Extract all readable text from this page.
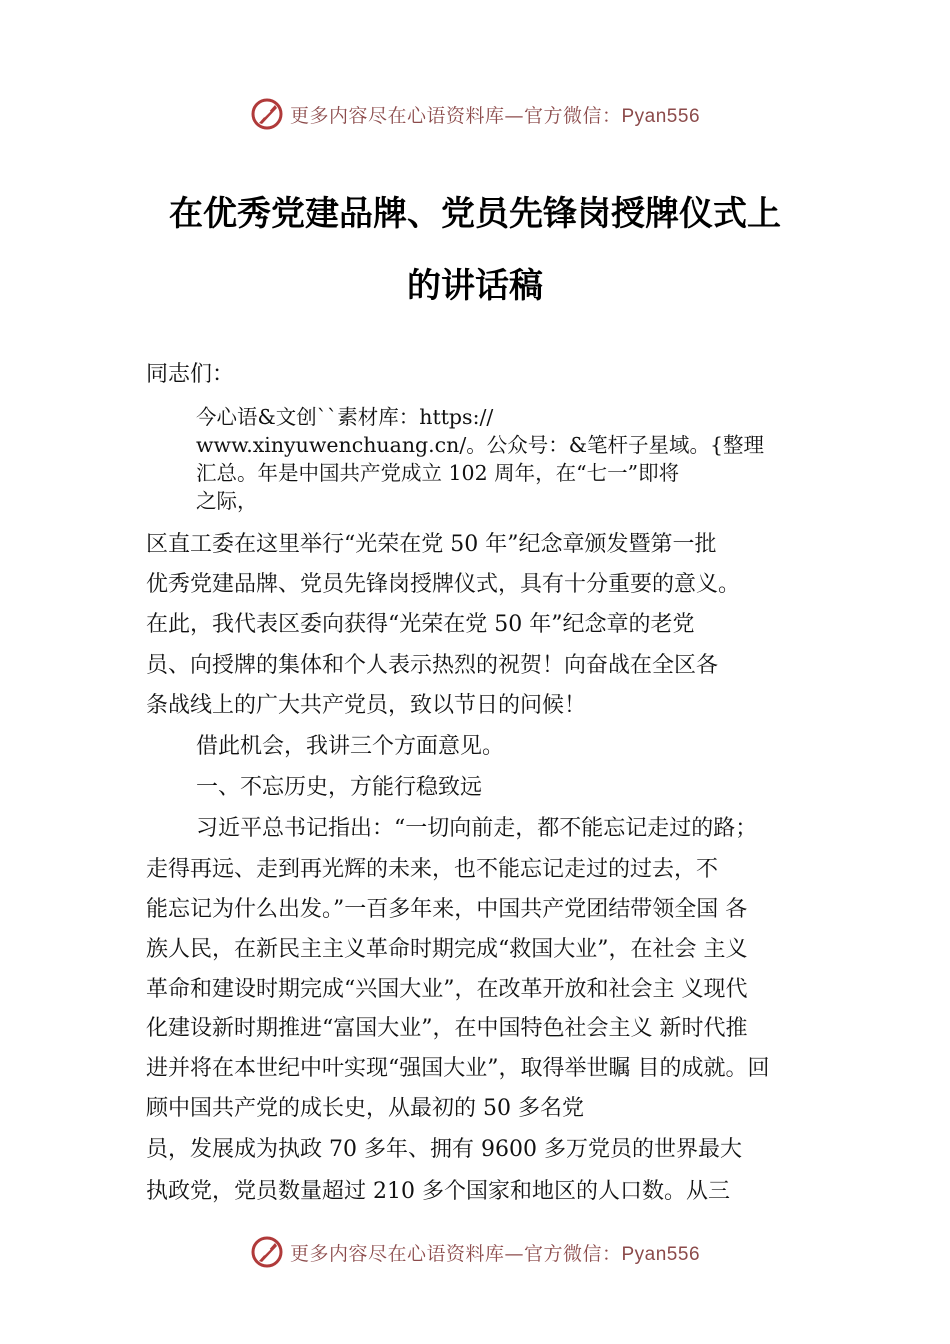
更多内容尽在心语资料库—官方微信：Pyan556
在优秀党建品牌、党员先锋岗授牌仪式上
的讲话稿
同志们：
今心语&文创``素材库：https://
www.xinyuwenchuang.cn/。公众号：&笔杆子星域。{整理
汇总。年是中国共产党成立 102 周年，在“七一”即将
之际，
区直工委在这里举行“光荣在党 50 年”纪念章颁发暨第一批
优秀党建品牌、党员先锋岗授牌仪式，具有十分重要的意义。
在此，我代表区委向获得“光荣在党 50 年”纪念章的老党
员、向授牌的集体和个人表示热烈的祝贺！向奋战在全区各
条战线上的广大共产党员，致以节日的问候！
借此机会，我讲三个方面意见。
一、不忘历史，方能行稳致远
习近平总书记指出：“一切向前走，都不能忘记走过的路；
走得再远、走到再光辉的未来，也不能忘记走过的过去，不
能忘记为什么出发。”一百多年来，中国共产党团结带领全国 各
族人民，在新民主主义革命时期完成“救国大业”，在社会 主义
革命和建设时期完成“兴国大业”，在改革开放和社会主 义现代
化建设新时期推进“富国大业”，在中国特色社会主义 新时代推
进并将在本世纪中叶实现“强国大业”，取得举世瞩 目的成就。回
顾中国共产党的成长史，从最初的 50 多名党
员，发展成为执政 70 多年、拥有 9600 多万党员的世界最大
执政党，党员数量超过 210 多个国家和地区的人口数。从三
更多内容尽在心语资料库—官方微信：Pyan556
